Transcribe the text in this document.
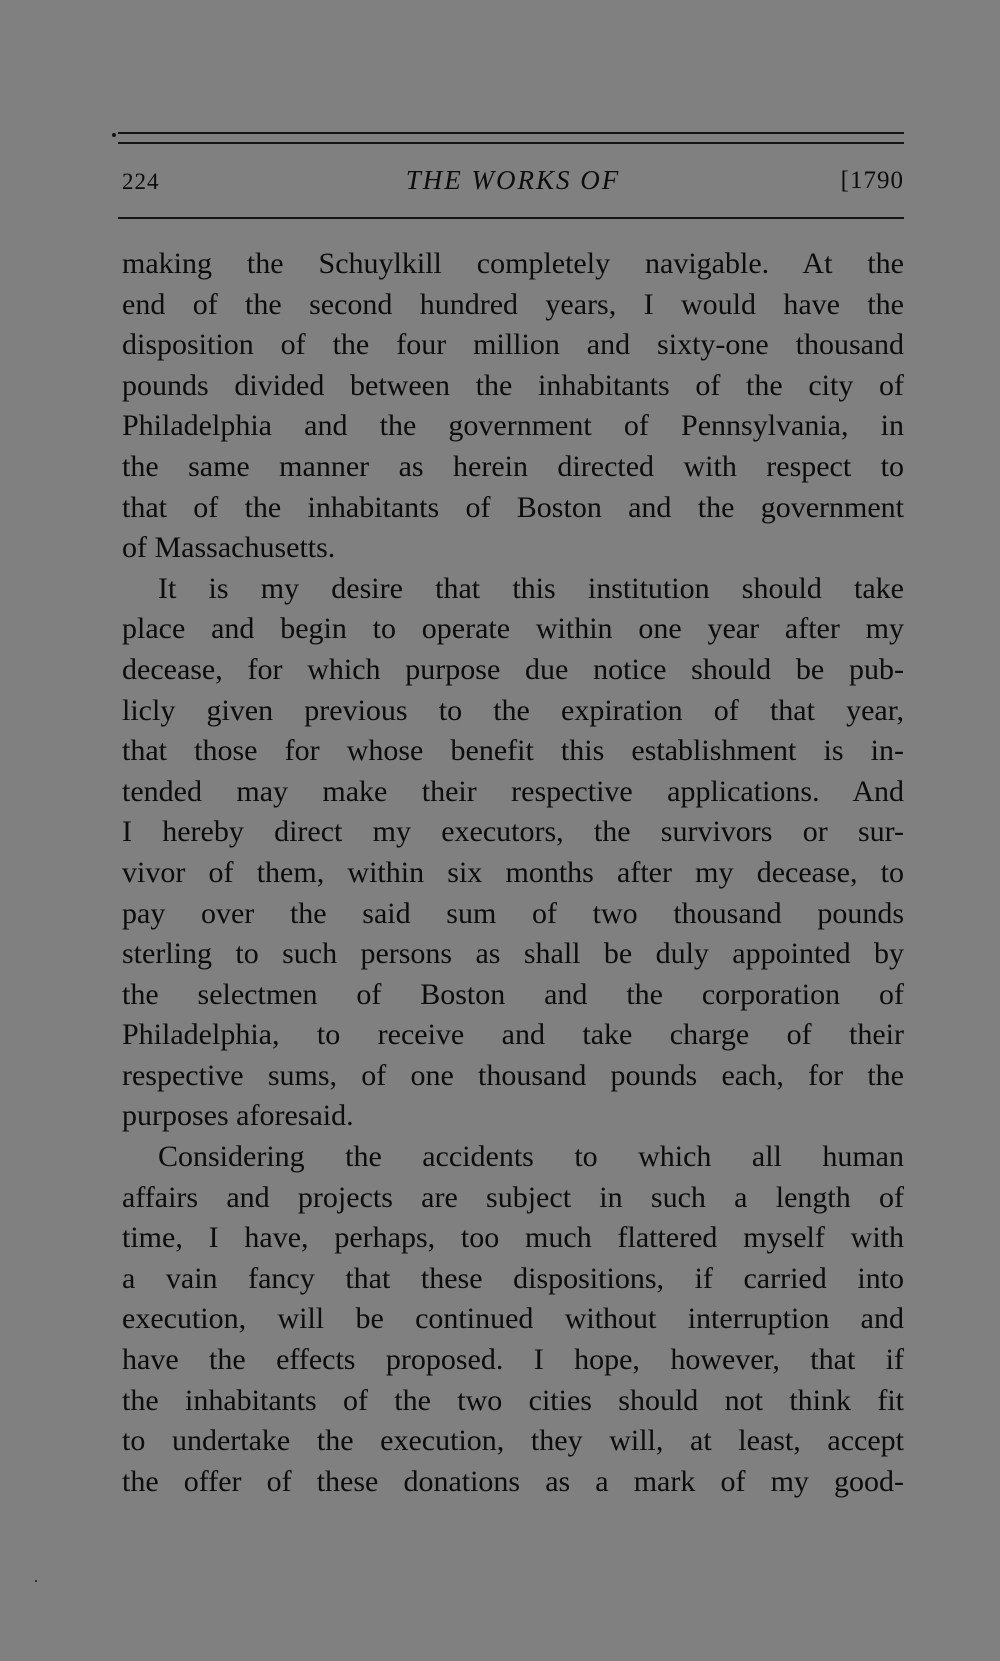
224	THE WORKS OF	[1790
making the Schuylkill completely navigable. At the
end of the second hundred years, I would have the
disposition of the four million and sixty-one thousand
pounds divided between the inhabitants of the city of
Philadelphia and the government of Pennsylvania, in
the same manner as herein directed with respect to
that of the inhabitants of Boston and the government
of Massachusetts.
It is my desire that this institution should take
place and begin to operate within one year after my
decease, for which purpose due notice should be pub-
licly given previous to the expiration of that year,
that those for whose benefit this establishment is in-
tended may make their respective applications. And
I hereby direct my executors, the survivors or sur-
vivor of them, within six months after my decease, to
pay over the said sum of two thousand pounds
sterling to such persons as shall be duly appointed by
the selectmen of Boston and the corporation of
Philadelphia, to receive and take charge of their
respective sums, of one thousand pounds each, for the
purposes aforesaid.
Considering the accidents to which all human
affairs and projects are subject in such a length of
time, I have, perhaps, too much flattered myself with
a vain fancy that these dispositions, if carried into
execution, will be continued without interruption and
have the effects proposed. I hope, however, that if
the inhabitants of the two cities should not think fit
to undertake the execution, they will, at least, accept
the offer of these donations as a mark of my good-
